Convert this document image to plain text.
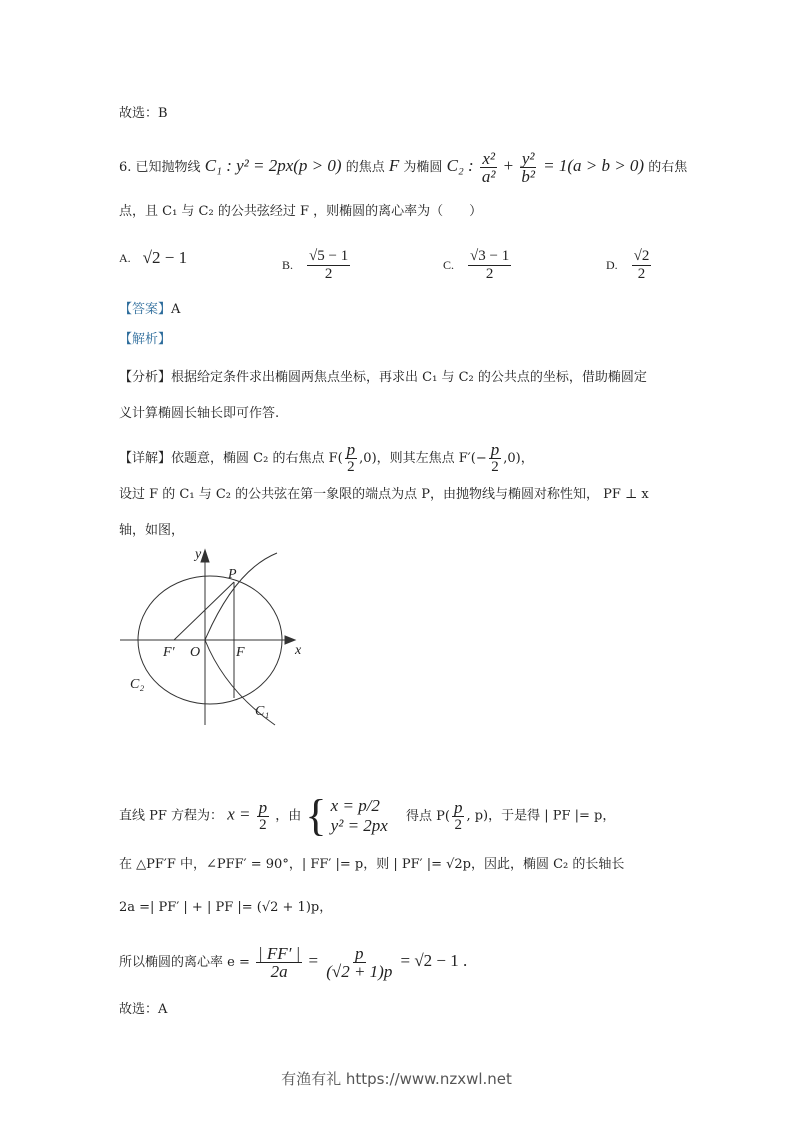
故选：B
6. 已知抛物线 C₁ : y² = 2px(p > 0) 的焦点 F 为椭圆 C₂ : $\frac{\text{x²}}{\text{a²}} + \frac{\text{y²}}{\text{b²}} = 1(a > b > 0)$ 的右焦
点，且 C₁ 与 C₂ 的公共弦经过 F ，则椭圆的离心率为（　　）
A. √2 − 1	B. $\frac{√5 - 1}{2}$	C. $\frac{√3 - 1}{2}$	D. $\frac{√2}{2}$
【答案】A
【解析】
【分析】根据给定条件求出椭圆两焦点坐标，再求出 C₁ 与 C₂ 的公共点的坐标，借助椭圆定
义计算椭圆长轴长即可作答.
【详解】依题意，椭圆 C₂ 的右焦点 $F( \frac{p}{2} ,0)$，则其左焦点 $F'(- \frac{p}{2} ,0)$，
设过 F 的 C₁ 与 C₂ 的公共弦在第一象限的端点为点 P，由抛物线与椭圆对称性知， PF ⊥ x
轴，如图，
y
x
P
F′ O	F
C₂
C₁
直线 PF 方程为： $x = \frac{p}{2}$ ，由 { x = p/2
y² = 2px 得点 $P( \frac{p}{2}$ , p)，于是得 | PF |= p，
在 △PF′F 中，∠PFF′ = 90°，| FF′ |= p，则 | PF′ |= √2p，因此，椭圆 C₂ 的长轴长
2a =| PF′ | + | PF |= (√2 + 1)p，
所以椭圆的离心率 $e = \frac{| FF' |}{2a} = \frac{p}{(√2 + 1)p} = √2 - 1$ .
故选：A
有渔有礼 https://www.nzxwl.net
